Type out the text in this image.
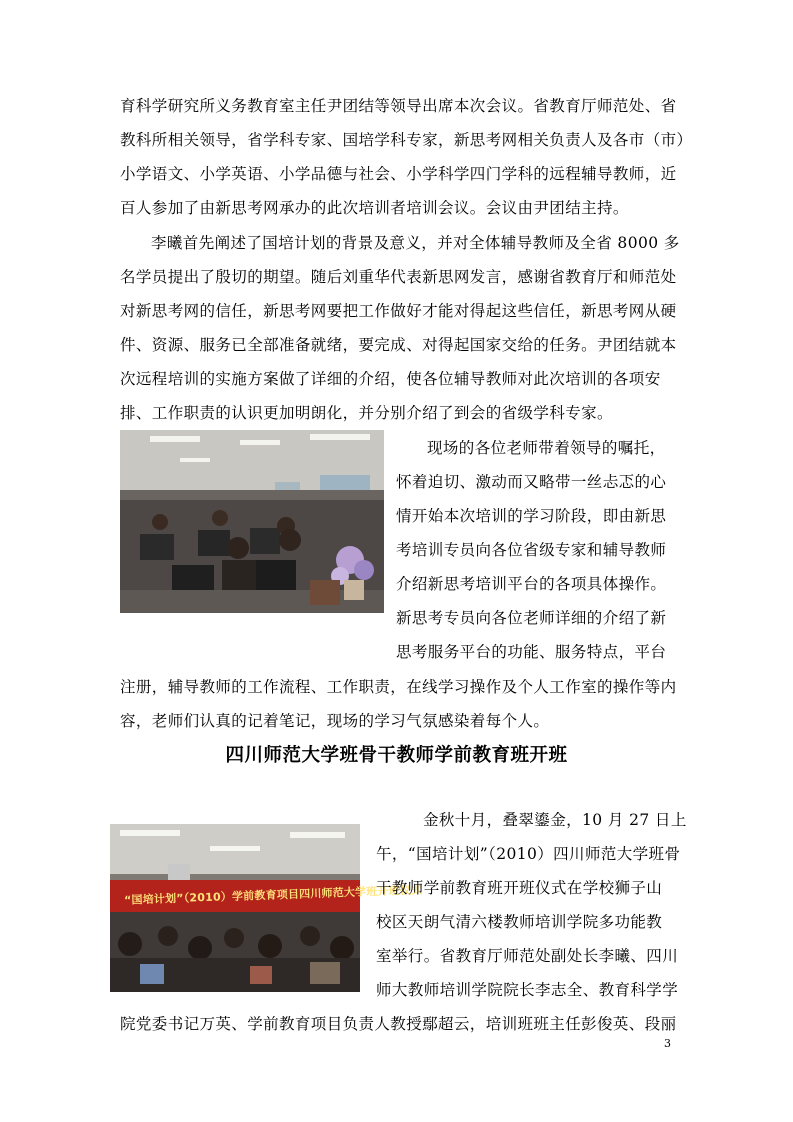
育科学研究所义务教育室主任尹团结等领导出席本次会议。省教育厅师范处、省

教科所相关领导，省学科专家、国培学科专家，新思考网相关负责人及各市（市）

小学语文、小学英语、小学品德与社会、小学科学四门学科的远程辅导教师，近

百人参加了由新思考网承办的此次培训者培训会议。会议由尹团结主持。

李曦首先阐述了国培计划的背景及意义，并对全体辅导教师及全省 8000 多

名学员提出了殷切的期望。随后刘重华代表新思网发言，感谢省教育厅和师范处

对新思考网的信任，新思考网要把工作做好才能对得起这些信任，新思考网从硬

件、资源、服务已全部准备就绪，要完成、对得起国家交给的任务。尹团结就本

次远程培训的实施方案做了详细的介绍，使各位辅导教师对此次培训的各项安

排、工作职责的认识更加明朗化，并分别介绍了到会的省级学科专家。

现场的各位老师带着领导的嘱托，

怀着迫切、激动而又略带一丝忐忑的心

情开始本次培训的学习阶段，即由新思

考培训专员向各位省级专家和辅导教师

介绍新思考培训平台的各项具体操作。

新思考专员向各位老师详细的介绍了新

思考服务平台的功能、服务特点，平台

注册，辅导教师的工作流程、工作职责，在线学习操作及个人工作室的操作等内

容，老师们认真的记着笔记，现场的学习气氛感染着每个人。

四川师范大学班骨干教师学前教育班开班
“国培计划”（2010）学前教育项目四川师范大学班开班仪式

金秋十月，叠翠鎏金，10 月 27 日上

午，“国培计划”（2010）四川师范大学班骨

干教师学前教育班开班仪式在学校狮子山

校区天朗气清六楼教师培训学院多功能教

室举行。省教育厅师范处副处长李曦、四川

师大教师培训学院院长李志全、教育科学学

院党委书记万英、学前教育项目负责人教授鄢超云，培训班班主任彭俊英、段丽

3
